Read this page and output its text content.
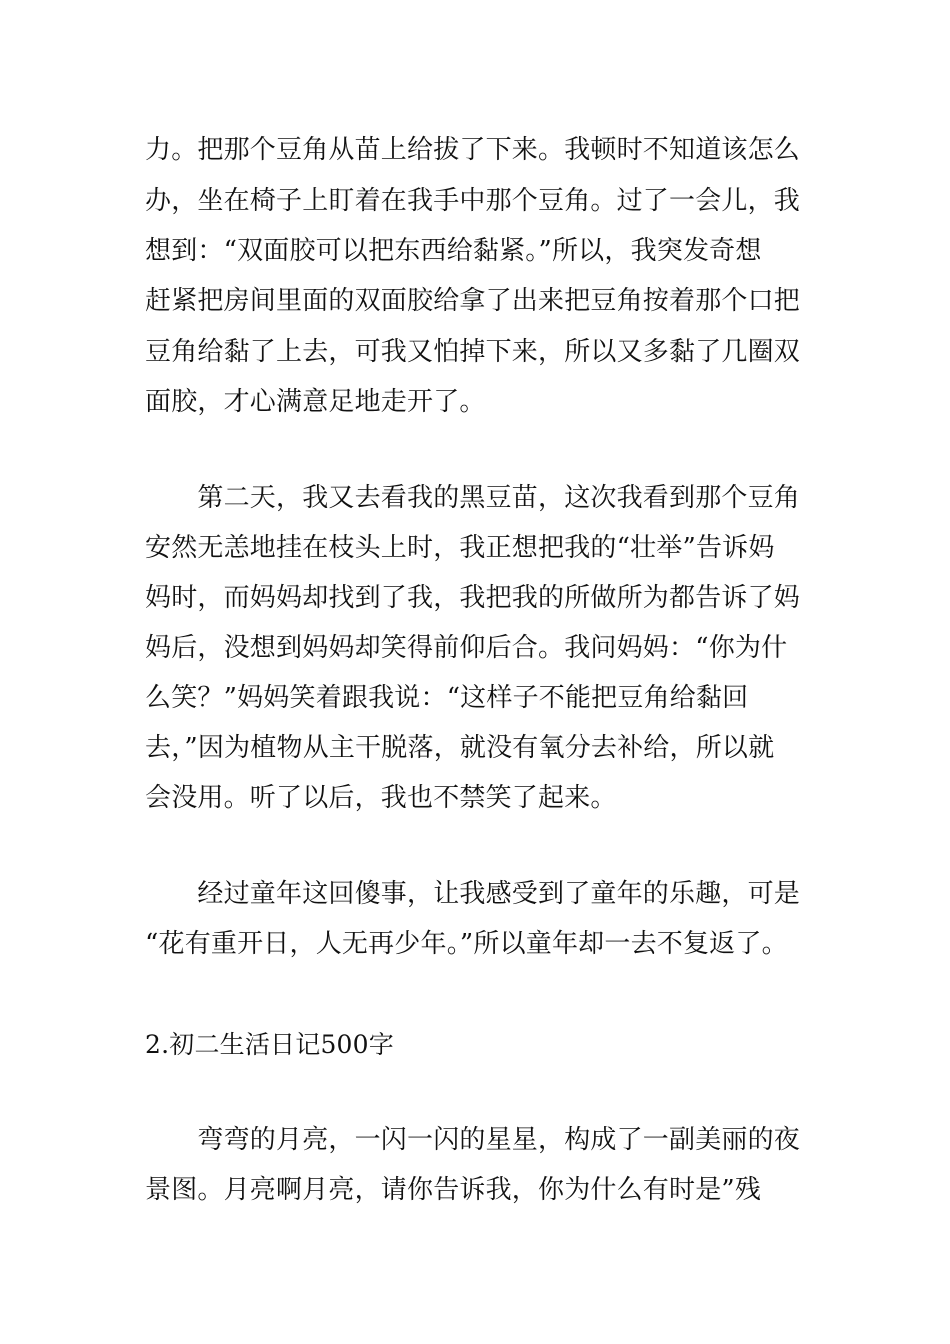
力。把那个豆角从苗上给拔了下来。我顿时不知道该怎么
办，坐在椅子上盯着在我手中那个豆角。过了一会儿，我
想到：“双面胶可以把东西给黏紧。”所以，我突发奇想
赶紧把房间里面的双面胶给拿了出来把豆角按着那个口把
豆角给黏了上去，可我又怕掉下来，所以又多黏了几圈双
面胶，才心满意足地走开了。
　　第二天，我又去看我的黑豆苗，这次我看到那个豆角
安然无恙地挂在枝头上时，我正想把我的“壮举”告诉妈
妈时，而妈妈却找到了我，我把我的所做所为都告诉了妈
妈后，没想到妈妈却笑得前仰后合。我问妈妈：“你为什
么笑？”妈妈笑着跟我说：“这样子不能把豆角给黏回
去，”因为植物从主干脱落，就没有氧分去补给，所以就
会没用。听了以后，我也不禁笑了起来。
　　经过童年这回傻事，让我感受到了童年的乐趣，可是
“花有重开日，人无再少年。”所以童年却一去不复返了。
2.初二生活日记500字
　　弯弯的月亮，一闪一闪的星星，构成了一副美丽的夜
景图。月亮啊月亮，请你告诉我，你为什么有时是”残
